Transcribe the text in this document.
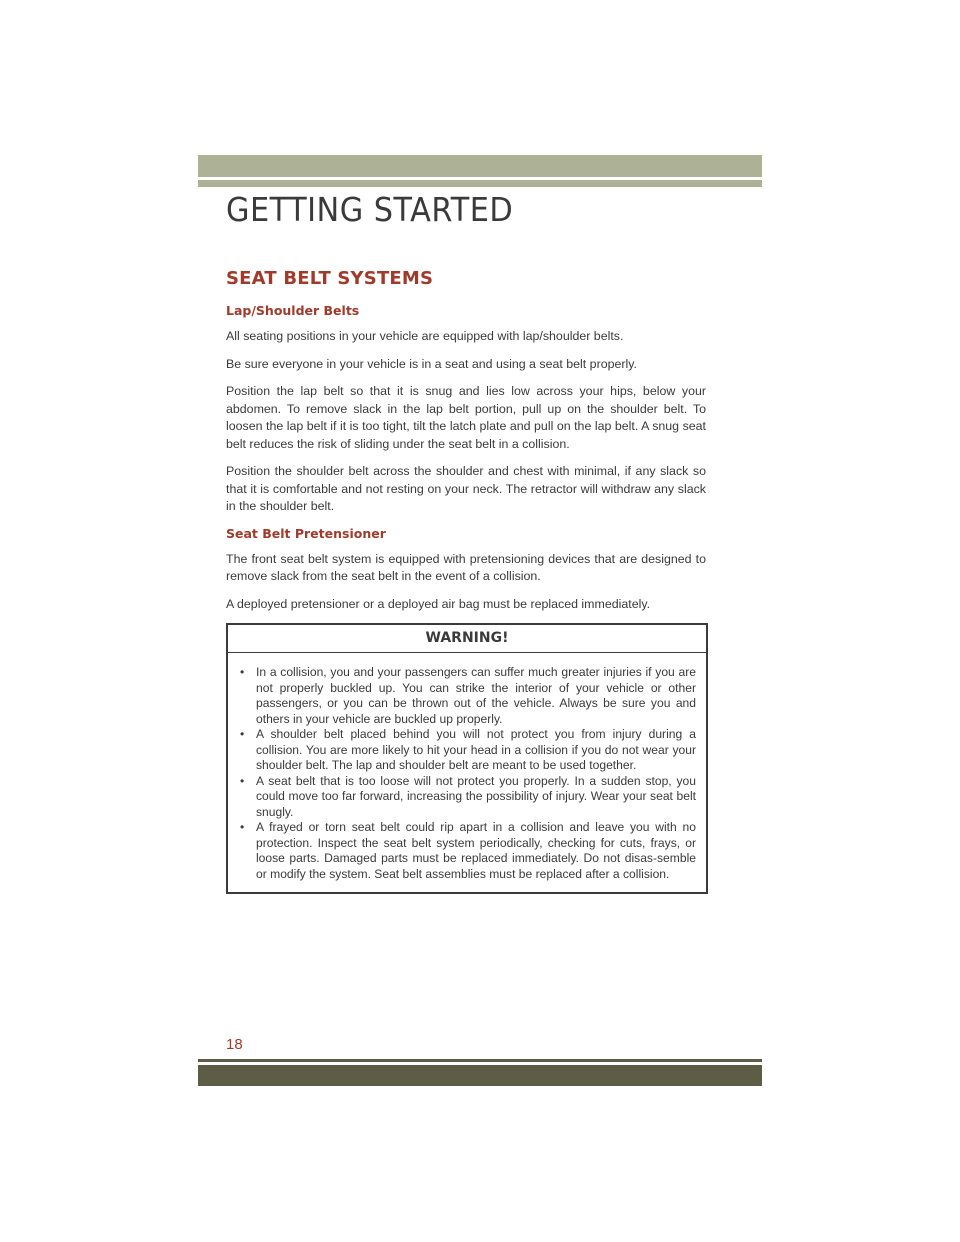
GETTING STARTED
SEAT BELT SYSTEMS
Lap/Shoulder Belts

All seating positions in your vehicle are equipped with lap/shoulder belts.

Be sure everyone in your vehicle is in a seat and using a seat belt properly.

Position the lap belt so that it is snug and lies low across your hips, below your abdomen. To remove slack in the lap belt portion, pull up on the shoulder belt. To loosen the lap belt if it is too tight, tilt the latch plate and pull on the lap belt. A snug seat belt reduces the risk of sliding under the seat belt in a collision.

Position the shoulder belt across the shoulder and chest with minimal, if any slack so that it is comfortable and not resting on your neck. The retractor will withdraw any slack in the shoulder belt.

Seat Belt Pretensioner

The front seat belt system is equipped with pretensioning devices that are designed to remove slack from the seat belt in the event of a collision.

A deployed pretensioner or a deployed air bag must be replaced immediately.

WARNING!
• In a collision, you and your passengers can suffer much greater injuries if you are not properly buckled up. You can strike the interior of your vehicle or other passengers, or you can be thrown out of the vehicle. Always be sure you and others in your vehicle are buckled up properly.
• A shoulder belt placed behind you will not protect you from injury during a collision. You are more likely to hit your head in a collision if you do not wear your shoulder belt. The lap and shoulder belt are meant to be used together.
• A seat belt that is too loose will not protect you properly. In a sudden stop, you could move too far forward, increasing the possibility of injury. Wear your seat belt snugly.
• A frayed or torn seat belt could rip apart in a collision and leave you with no protection. Inspect the seat belt system periodically, checking for cuts, frays, or loose parts. Damaged parts must be replaced immediately. Do not disas-semble or modify the system. Seat belt assemblies must be replaced after a collision.
18
